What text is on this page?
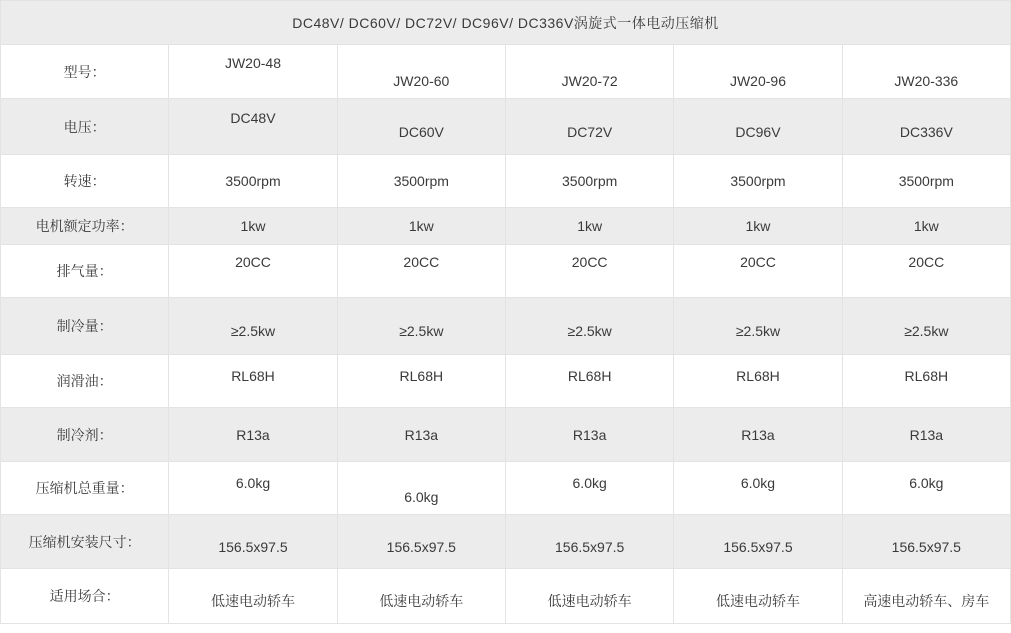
DC48V/ DC60V/ DC72V/ DC96V/ DC336V涡旋式一体电动压缩机					
型号：	JW20-48	JW20-60	JW20-72	JW20-96	JW20-336
电压：	DC48V	DC60V	DC72V	DC96V	DC336V
转速：	3500rpm	3500rpm	3500rpm	3500rpm	3500rpm
电机额定功率：	1kw	1kw	1kw	1kw	1kw
排气量：	20CC	20CC	20CC	20CC	20CC
制冷量：	≥2.5kw	≥2.5kw	≥2.5kw	≥2.5kw	≥2.5kw
润滑油：	RL68H	RL68H	RL68H	RL68H	RL68H
制冷剂：	R13a	R13a	R13a	R13a	R13a
压缩机总重量：	6.0kg	6.0kg	6.0kg	6.0kg	6.0kg
压缩机安装尺寸：	156.5x97.5	156.5x97.5	156.5x97.5	156.5x97.5	156.5x97.5
适用场合：	低速电动轿车	低速电动轿车	低速电动轿车	低速电动轿车	高速电动轿车、房车
